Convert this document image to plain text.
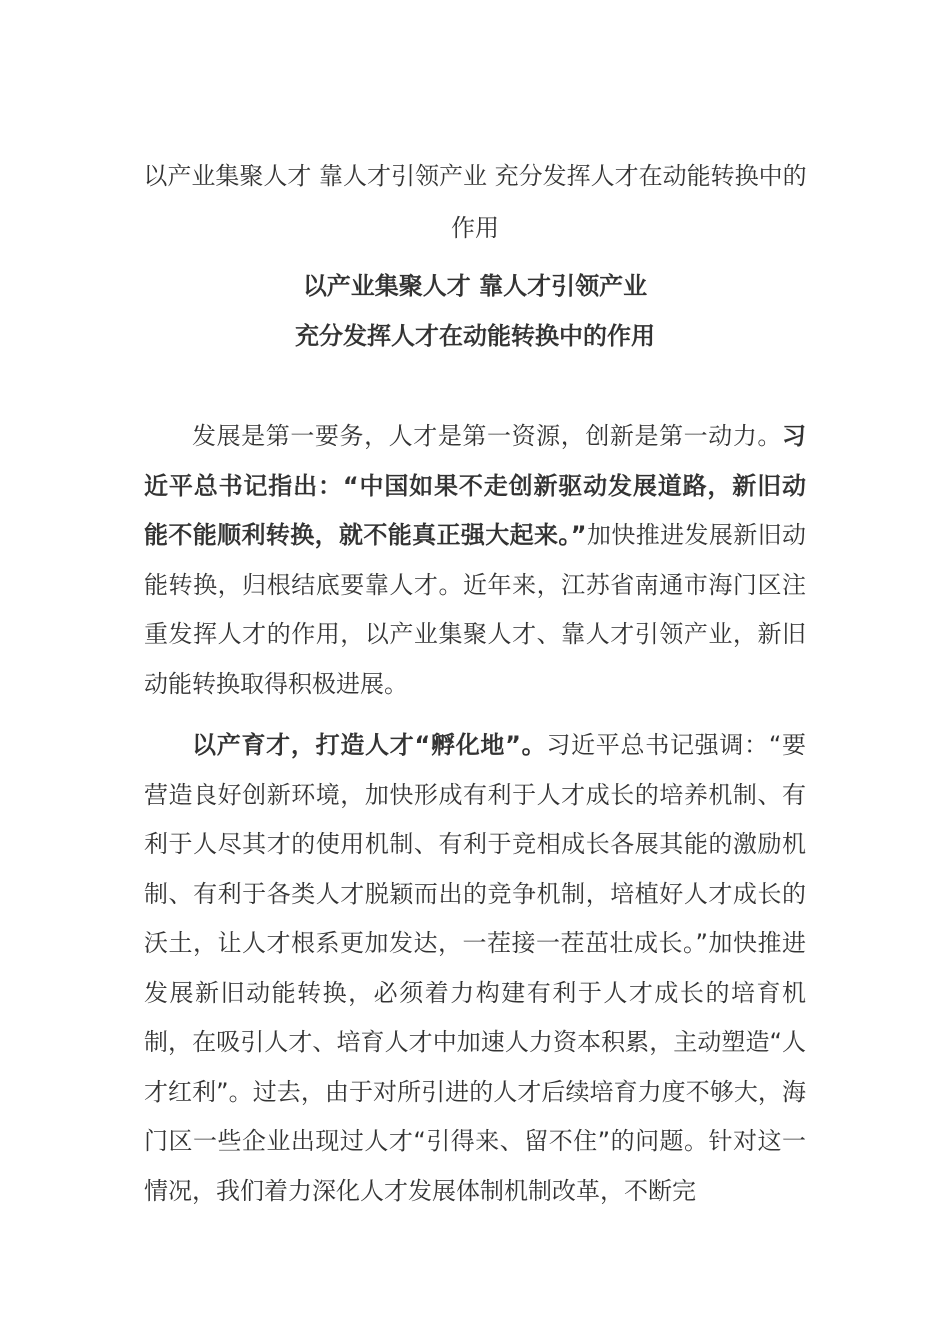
以产业集聚人才 靠人才引领产业 充分发挥人才在动能转换中的作用
以产业集聚人才 靠人才引领产业
充分发挥人才在动能转换中的作用

发展是第一要务，人才是第一资源，创新是第一动力。习近平总书记指出：“中国如果不走创新驱动发展道路，新旧动能不能顺利转换，就不能真正强大起来。”加快推进发展新旧动能转换，归根结底要靠人才。近年来，江苏省南通市海门区注重发挥人才的作用，以产业集聚人才、靠人才引领产业，新旧动能转换取得积极进展。

以产育才，打造人才“孵化地”。习近平总书记强调：“要营造良好创新环境，加快形成有利于人才成长的培养机制、有利于人尽其才的使用机制、有利于竞相成长各展其能的激励机制、有利于各类人才脱颖而出的竞争机制，培植好人才成长的沃土，让人才根系更加发达，一茬接一茬茁壮成长。”加快推进发展新旧动能转换，必须着力构建有利于人才成长的培育机制，在吸引人才、培育人才中加速人力资本积累，主动塑造“人才红利”。过去，由于对所引进的人才后续培育力度不够大，海门区一些企业出现过人才“引得来、留不住”的问题。针对这一情况，我们着力深化人才发展体制机制改革，不断完
